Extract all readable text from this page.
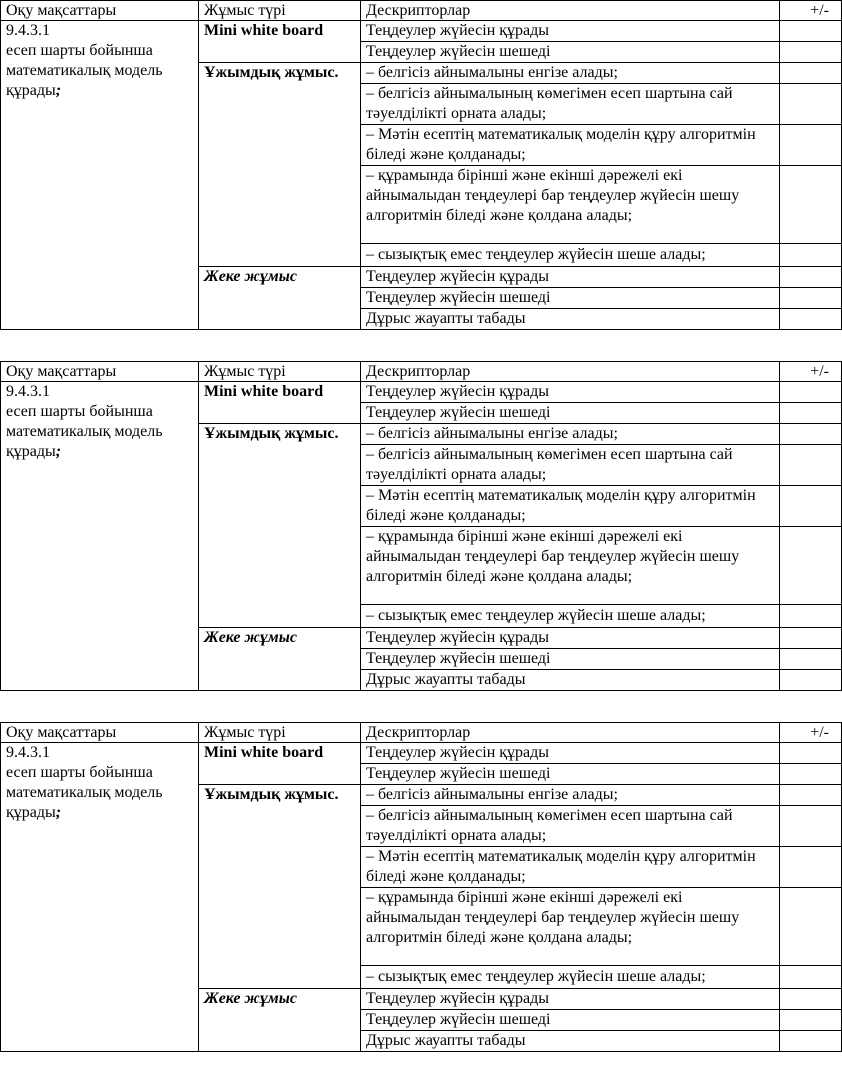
Оқу мақсаттары	Жұмыс түрі	Дескрипторлар	+/-

9.4.3.1
есеп шарты бойынша
математикалық модель
құрады;	Mini white board	Теңдеулер жүйесін құрады	
		Теңдеулер жүйесін шешеді	
	Ұжымдық жұмыс.	– белгісіз айнымалыны енгізе алады;	
		– белгісіз айнымалының көмегімен есеп шартына сай тәуелділікті орната алады;	
		– Мәтін есептің математикалық моделін құру алгоритмін біледі және қолданады;	
		– құрамында бірінші және екінші дәрежелі екі айнымалыдан теңдеулері бар теңдеулер жүйесін шешу алгоритмін біледі және қолдана алады;	
		– сызықтық емес теңдеулер жүйесін шеше алады;	
	Жеке жұмыс	Теңдеулер жүйесін құрады	
		Теңдеулер жүйесін шешеді	
		Дұрыс жауапты табады	
Оқу мақсаттары	Жұмыс түрі	Дескрипторлар	+/-

9.4.3.1
есеп шарты бойынша
математикалық модель
құрады;	Mini white board	Теңдеулер жүйесін құрады	
		Теңдеулер жүйесін шешеді	
	Ұжымдық жұмыс.	– белгісіз айнымалыны енгізе алады;	
		– белгісіз айнымалының көмегімен есеп шартына сай тәуелділікті орната алады;	
		– Мәтін есептің математикалық моделін құру алгоритмін біледі және қолданады;	
		– құрамында бірінші және екінші дәрежелі екі айнымалыдан теңдеулері бар теңдеулер жүйесін шешу алгоритмін біледі және қолдана алады;	
		– сызықтық емес теңдеулер жүйесін шеше алады;	
	Жеке жұмыс	Теңдеулер жүйесін құрады	
		Теңдеулер жүйесін шешеді	
		Дұрыс жауапты табады	
Оқу мақсаттары	Жұмыс түрі	Дескрипторлар	+/-

9.4.3.1
есеп шарты бойынша
математикалық модель
құрады;	Mini white board	Теңдеулер жүйесін құрады	
		Теңдеулер жүйесін шешеді	
	Ұжымдық жұмыс.	– белгісіз айнымалыны енгізе алады;	
		– белгісіз айнымалының көмегімен есеп шартына сай тәуелділікті орната алады;	
		– Мәтін есептің математикалық моделін құру алгоритмін біледі және қолданады;	
		– құрамында бірінші және екінші дәрежелі екі айнымалыдан теңдеулері бар теңдеулер жүйесін шешу алгоритмін біледі және қолдана алады;	
		– сызықтық емес теңдеулер жүйесін шеше алады;	
	Жеке жұмыс	Теңдеулер жүйесін құрады	
		Теңдеулер жүйесін шешеді	
		Дұрыс жауапты табады	
